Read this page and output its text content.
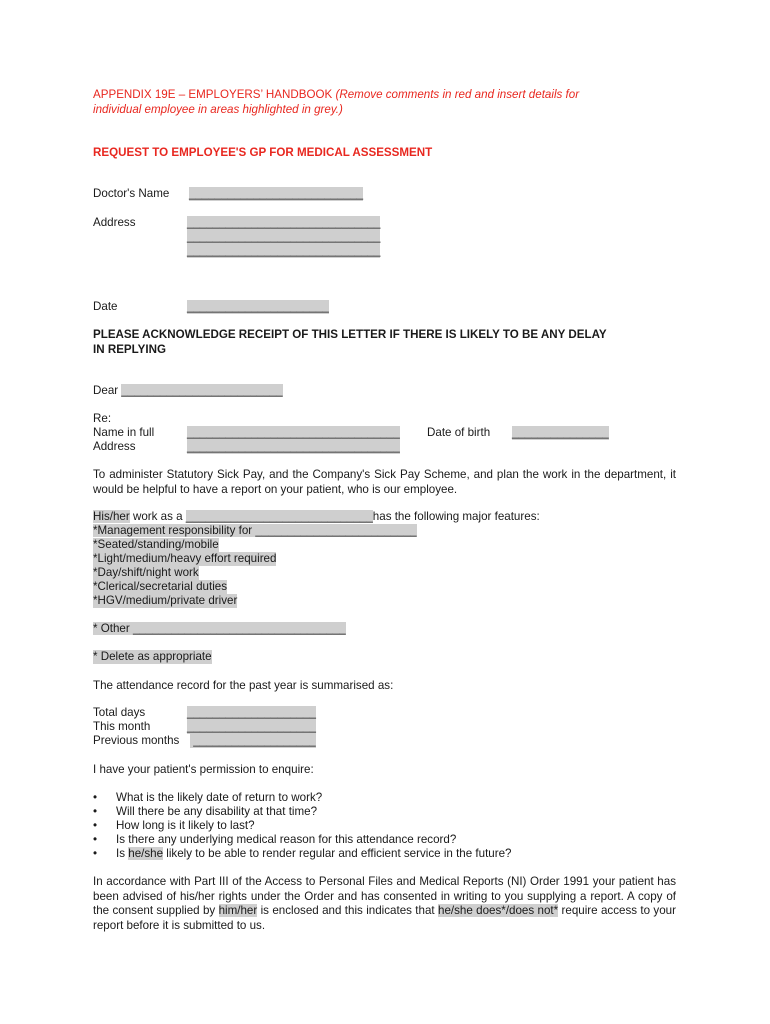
APPENDIX 19E – EMPLOYERS’ HANDBOOK (Remove comments in red and insert details for
individual employee in areas highlighted in grey.)
REQUEST TO EMPLOYEE'S GP FOR MEDICAL ASSESSMENT
Doctor's Name ___________________________
Address	______________________________
______________________________
______________________________
Date	______________________
PLEASE ACKNOWLEDGE RECEIPT OF THIS LETTER IF THERE IS LIKELY TO BE ANY DELAY
IN REPLYING
Dear _________________________
Re:
Name in full	_________________________________ Date of birth _______________
Address	_________________________________
To administer Statutory Sick Pay, and the Company's Sick Pay Scheme, and plan the work in the department, it would be helpful to have a report on your patient, who is our employee.
His/her work as a _____________________________has the following major features:
*Management responsibility for _________________________
*Seated/standing/mobile
*Light/medium/heavy effort required
*Day/shift/night work
*Clerical/secretarial duties
*HGV/medium/private driver
* Other _________________________________
* Delete as appropriate
The attendance record for the past year is summarised as:
Total days	____________________
This month	____________________
Previous months ___________________
I have your patient's permission to enquire:
• What is the likely date of return to work?
• Will there be any disability at that time?
• How long is it likely to last?
• Is there any underlying medical reason for this attendance record?
• Is he/she likely to be able to render regular and efficient service in the future?
In accordance with Part III of the Access to Personal Files and Medical Reports (NI) Order 1991 your patient has been advised of his/her rights under the Order and has consented in writing to you supplying a report. A copy of the consent supplied by him/her is enclosed and this indicates that he/she does*/does not* require access to your report before it is submitted to us.
